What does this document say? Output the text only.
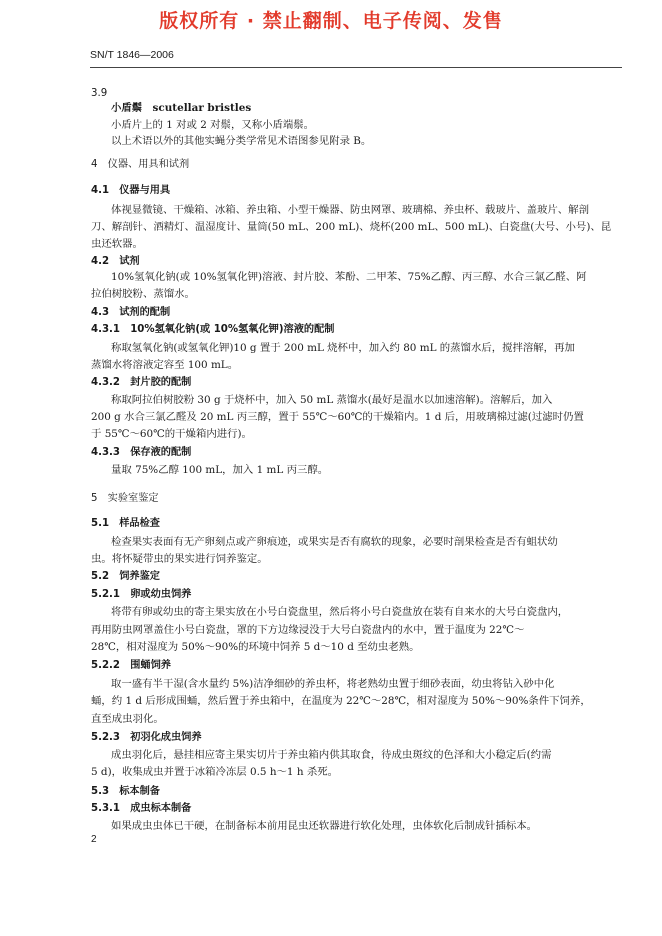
版权所有 · 禁止翻制、电子传阅、发售
SN/T 1846—2006
3.9
小盾鬃　scutellar bristles
小盾片上的 1 对或 2 对鬃，又称小盾端鬃。
以上术语以外的其他实蝇分类学常见术语图参见附录 B。
4　仪器、用具和试剂
4.1　仪器与用具
体视显微镜、干燥箱、冰箱、养虫箱、小型干燥器、防虫网罩、玻璃棉、养虫杯、载玻片、盖玻片、解剖
刀、解剖针、酒精灯、温湿度计、量筒(50 mL、200 mL)、烧杯(200 mL、500 mL)、白瓷盘(大号、小号)、昆
虫还软器。
4.2　试剂
10%氢氧化钠(或 10%氢氧化钾)溶液、封片胶、苯酚、二甲苯、75%乙醇、丙三醇、水合三氯乙醛、阿
拉伯树胶粉、蒸馏水。
4.3　试剂的配制
4.3.1　10%氢氧化钠(或 10%氢氧化钾)溶液的配制
称取氢氧化钠(或氢氧化钾)10 g 置于 200 mL 烧杯中，加入约 80 mL 的蒸馏水后，搅拌溶解，再加
蒸馏水将溶液定容至 100 mL。
4.3.2　封片胶的配制
称取阿拉伯树胶粉 30 g 于烧杯中，加入 50 mL 蒸馏水(最好是温水以加速溶解)。溶解后，加入
200 g 水合三氯乙醛及 20 mL 丙三醇，置于 55℃～60℃的干燥箱内。1 d 后，用玻璃棉过滤(过滤时仍置
于 55℃～60℃的干燥箱内进行)。
4.3.3　保存液的配制
量取 75%乙醇 100 mL，加入 1 mL 丙三醇。
5　实验室鉴定
5.1　样品检查
检查果实表面有无产卵刻点或产卵痕迹，或果实是否有腐软的现象，必要时剖果检查是否有蛆状幼
虫。将怀疑带虫的果实进行饲养鉴定。
5.2　饲养鉴定
5.2.1　卵或幼虫饲养
将带有卵或幼虫的寄主果实放在小号白瓷盘里，然后将小号白瓷盘放在装有自来水的大号白瓷盘内，
再用防虫网罩盖住小号白瓷盘，罩的下方边缘浸没于大号白瓷盘内的水中，置于温度为 22℃～
28℃，相对湿度为 50%～90%的环境中饲养 5 d～10 d 至幼虫老熟。
5.2.2　围蛹饲养
取一盛有半干湿(含水量约 5%)洁净细砂的养虫杯，将老熟幼虫置于细砂表面，幼虫将钻入砂中化
蛹，约 1 d 后形成围蛹，然后置于养虫箱中，在温度为 22℃～28℃，相对湿度为 50%～90%条件下饲养，
直至成虫羽化。
5.2.3　初羽化成虫饲养
成虫羽化后，悬挂相应寄主果实切片于养虫箱内供其取食，待成虫斑纹的色泽和大小稳定后(约需
5 d)，收集成虫并置于冰箱冷冻层 0.5 h～1 h 杀死。
5.3　标本制备
5.3.1　成虫标本制备
如果成虫虫体已干硬，在制备标本前用昆虫还软器进行软化处理，虫体软化后制成针插标本。
2
